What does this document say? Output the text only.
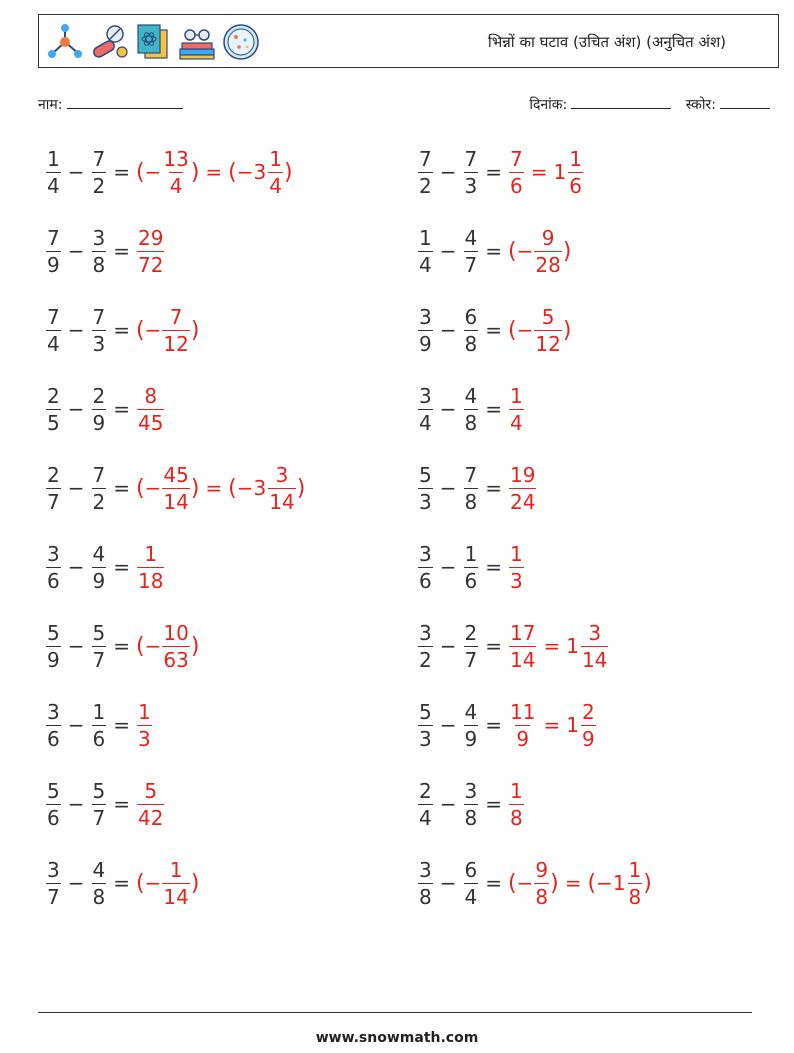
भिन्नों का घटाव (उचित अंश) (अनुचित अंश)
नाम:	दिनांक:	स्कोर:
$\frac{1}{4} - \frac{7}{2}$ = ( − $\frac{13}{4}$ ) = ( − $3 \frac{1}{4}$ )
$\frac{7}{9} - \frac{3}{8} = \frac{29}{72}$
$\frac{7}{4} - \frac{7}{3}$ = ( − $\frac{7}{12}$ )
$\frac{2}{5} - \frac{2}{9} = \frac{8}{45}$
$\frac{2}{7} - \frac{7}{2}$ = ( − $\frac{45}{14}$ ) = ( − $3 \frac{3}{14}$ )
$\frac{3}{6} - \frac{4}{9} = \frac{1}{18}$
$\frac{5}{9} - \frac{5}{7}$ = ( − $\frac{10}{63}$ )
$\frac{3}{6} - \frac{1}{6} = \frac{1}{3}$
$\frac{5}{6} - \frac{5}{7} = \frac{5}{42}$
$\frac{3}{7} - \frac{4}{8}$ = ( − $\frac{1}{14}$ )
$\frac{7}{2} - \frac{7}{3} = \frac{7}{6} = 1 \frac{1}{6}$
$\frac{1}{4} - \frac{4}{7}$ = ( − $\frac{9}{28}$ )
$\frac{3}{9} - \frac{6}{8}$ = ( − $\frac{5}{12}$ )
$\frac{3}{4} - \frac{4}{8} = \frac{1}{4}$
$\frac{5}{3} - \frac{7}{8} = \frac{19}{24}$
$\frac{3}{6} - \frac{1}{6} = \frac{1}{3}$
$\frac{3}{2} - \frac{2}{7} = \frac{17}{14} = 1 \frac{3}{14}$
$\frac{5}{3} - \frac{4}{9} = \frac{11}{9} = 1 \frac{2}{9}$
$\frac{2}{4} - \frac{3}{8} = \frac{1}{8}$
$\frac{3}{8} - \frac{6}{4}$ = ( − $\frac{9}{8}$ ) = ( − $1 \frac{1}{8}$ )
www.snowmath.com
